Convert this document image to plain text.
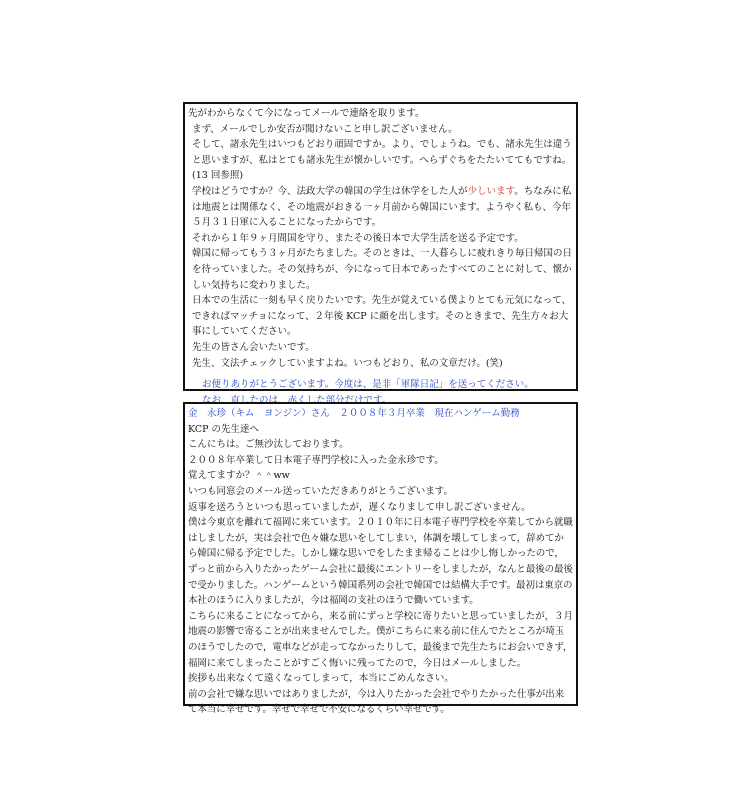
先がわからなくて今になってメールで連絡を取ります。

まず、メールでしか安否が聞けないこと申し訳ございません。

そして、諸永先生はいつもどおり頑固ですか。より、でしょうね。でも、諸永先生は違うと思いますが、私はとても諸永先生が懐かしいです。へらずぐちをたたいててもですね。　　(13 回参照)

学校はどうですか？今、法政大学の韓国の学生は休学をした人が少しいます。ちなみに私は地震とは関係なく、その地震がおきる一ヶ月前から韓国にいます。ようやく私も、今年５月３１日軍に入ることになったからです。

それから１年９ヶ月間国を守り、またその後日本で大学生活を送る予定です。

韓国に帰ってもう３ヶ月がたちました。そのときは、一人暮らしに疲れきり毎日帰国の日を待っていました。その気持ちが、今になって日本であったすべてのことに対して、懐かしい気持ちに変わりました。

日本での生活に一刻も早く戻りたいです。先生が覚えている僕よりとても元気になって、できればマッチョになって、２年後 KCP に顔を出します。そのときまで、先生方々お大事にしていてください。

先生の皆さん会いたいです。

先生、文法チェックしていますよね。いつもどおり、私の文章だけ。(笑)

お便りありがとうございます。今度は、是非「軍隊日記」を送ってください。

なお、直したのは、赤くした部分だけです。

金　永珍（キム　ヨンジン）さん　２００８年３月卒業　現在ハンゲーム勤務

KCP の先生達へ

こんにちは。ご無沙汰しております。

２００８年卒業して日本電子専門学校に入った金永珍です。

覚えてますか？＾＾ww

いつも同窓会のメール送っていただきありがとうございます。

返事を送ろうといつも思っていましたが，遅くなりまして申し訳ございません。

僕は今東京を離れて福岡に来ています。２０１０年に日本電子専門学校を卒業してから就職はしましたが，実は会社で色々嫌な思いをしてしまい，体調を壊してしまって，辞めてから韓国に帰る予定でした。しかし嫌な思いでをしたまま帰ることは少し悔しかったので，ずっと前から入りたかったゲーム会社に最後にエントリーをしましたが，なんと最後の最後で受かりました。ハンゲームという韓国系列の会社で韓国では結構大手です。最初は東京の本社のほうに入りましたが，今は福岡の支社のほうで働いています。

こちらに来ることになってから，来る前にずっと学校に寄りたいと思っていましたが，３月地震の影響で寄ることが出来ませんでした。僕がこちらに来る前に住んでたところが埼玉のほうでしたので，電車などが走ってなかったりして，最後まで先生たちにお会いできず，福岡に来てしまったことがすごく悔いに残ってたので，今日はメールしました。

挨拶も出来なくて遠くなってしまって，本当にごめんなさい。

前の会社で嫌な思いではありましたが，今は入りたかった会社でやりたかった仕事が出来て本当に幸せです。幸せで幸せで不安になるくらい幸せです。
